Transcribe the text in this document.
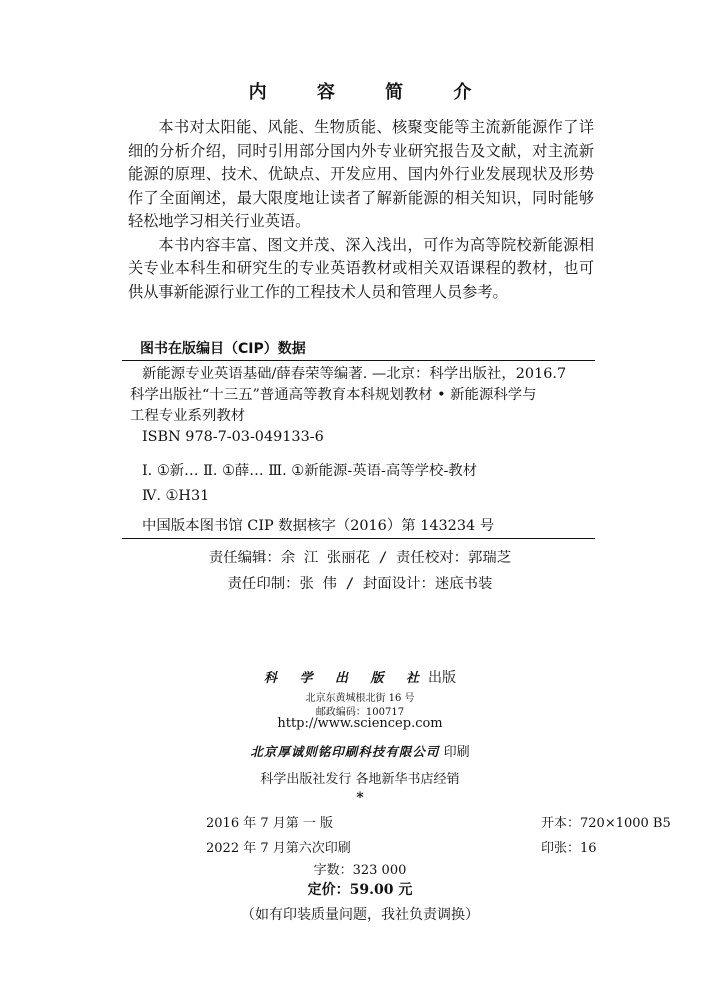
内 容 简 介

本书对太阳能、风能、生物质能、核聚变能等主流新能源作了详细的分析介绍，同时引用部分国内外专业研究报告及文献，对主流新能源的原理、技术、优缺点、开发应用、国内外行业发展现状及形势作了全面阐述，最大限度地让读者了解新能源的相关知识，同时能够轻松地学习相关行业英语。

本书内容丰富、图文并茂、深入浅出，可作为高等院校新能源相关专业本科生和研究生的专业英语教材或相关双语课程的教材，也可供从事新能源行业工作的工程技术人员和管理人员参考。

图书在版编目（CIP）数据
新能源专业英语基础/薛春荣等编著. —北京：科学出版社，2016.7
科学出版社“十三五”普通高等教育本科规划教材 • 新能源科学与
工程专业系列教材
ISBN 978-7-03-049133-6
Ⅰ. ①新… Ⅱ. ①薛… Ⅲ. ①新能源-英语-高等学校-教材
Ⅳ. ①H31
中国版本图书馆 CIP 数据核字（2016）第 143234 号
责任编辑：余 江 张丽花 / 责任校对：郭瑞芝
责任印制：张 伟 / 封面设计：迷底书装
科 学 出 版 社出版
北京东黄城根北街 16 号
邮政编码：100717
http://www.sciencep.com
北京厚诚则铭印刷科技有限公司 印刷
科学出版社发行 各地新华书店经销
*
2016 年 7 月第 一 版	开本：720×1000 B5
2022 年 7 月第六次印刷	印张：16
字数：323 000
定价：59.00 元
（如有印装质量问题，我社负责调换）
